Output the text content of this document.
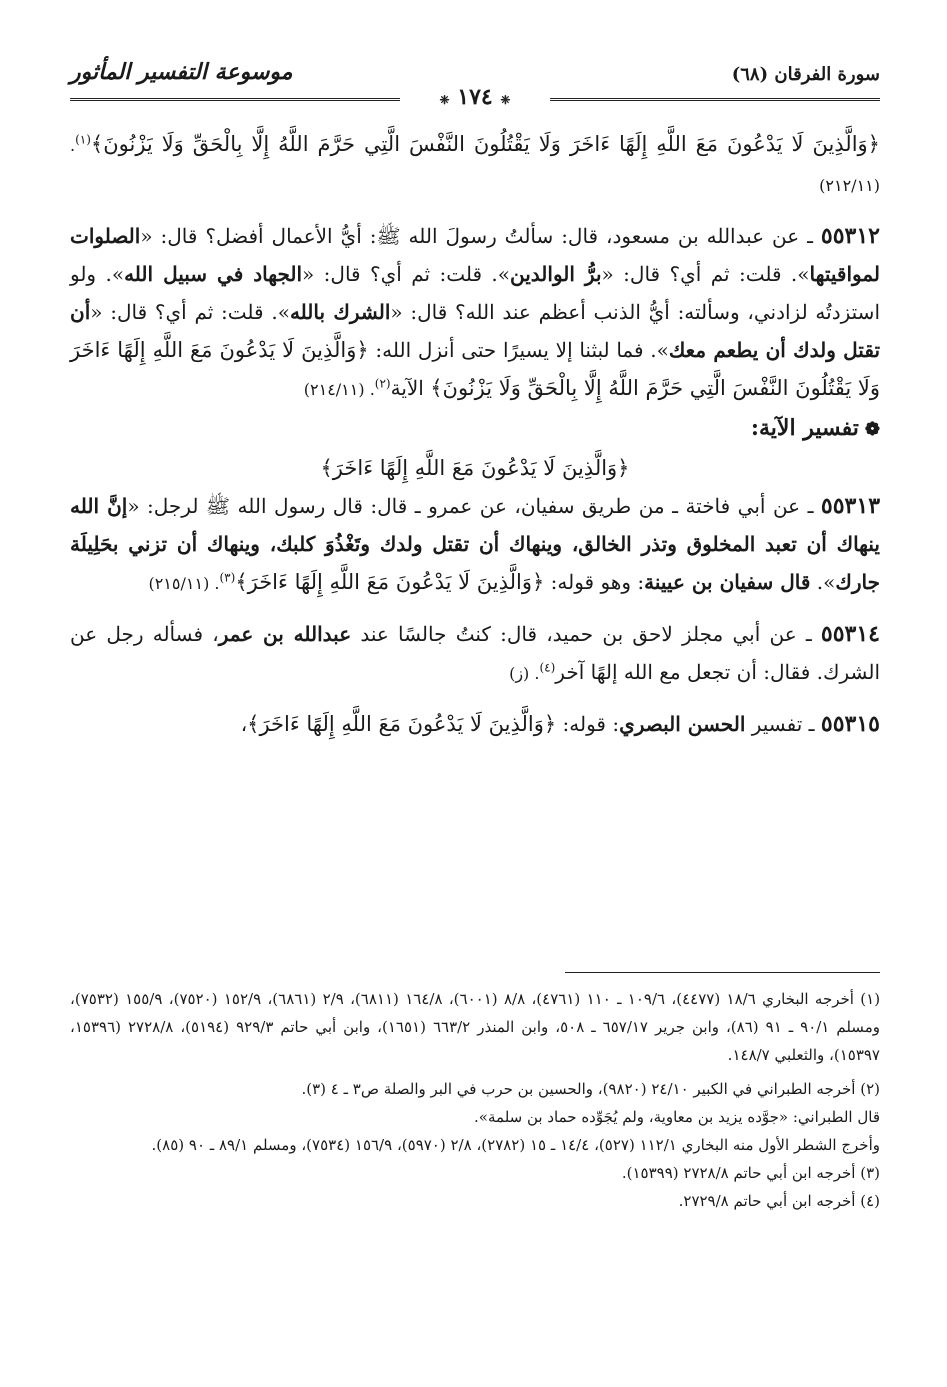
موسوعة التفسير المأثور	سورة الفرقان (٦٨)
❈ ١٧٤ ❈

﴿وَالَّذِينَ لَا يَدْعُونَ مَعَ اللَّهِ إِلَهًا ءَاخَرَ وَلَا يَقْتُلُونَ النَّفْسَ الَّتِي حَرَّمَ اللَّهُ إِلَّا بِالْحَقِّ وَلَا يَزْنُونَ﴾$^{(١)}$. (٢١٢/١١)

٥٥٣١٢ ـ عن عبدالله بن مسعود، قال: سألتُ رسولَ الله ﷺ: أيُّ الأعمال أفضل؟ قال: «الصلوات لمواقيتها». قلت: ثم أي؟ قال: «برُّ الوالدين». قلت: ثم أي؟ قال: «الجهاد في سبيل الله». ولو استزدتُه لزادني، وسألته: أيُّ الذنب أعظم عند الله؟ قال: «الشرك بالله». قلت: ثم أي؟ قال: «أن تقتل ولدك أن يطعم معك». فما لبثنا إلا يسيرًا حتى أنزل الله: ﴿وَالَّذِينَ لَا يَدْعُونَ مَعَ اللَّهِ إِلَهًا ءَاخَرَ وَلَا يَقْتُلُونَ النَّفْسَ الَّتِي حَرَّمَ اللَّهُ إِلَّا بِالْحَقِّ وَلَا يَزْنُونَ﴾ الآية$^{(٢)}$. (٢١٤/١١)

❁تفسير الآية:

﴿وَالَّذِينَ لَا يَدْعُونَ مَعَ اللَّهِ إِلَهًا ءَاخَرَ﴾

٥٥٣١٣ ـ عن أبي فاختة ـ من طريق سفيان، عن عمرو ـ قال: قال رسول الله ﷺ لرجل: «إنَّ الله ينهاك أن تعبد المخلوق وتذر الخالق، وينهاك أن تقتل ولدك وتَغْذُوَ كلبك، وينهاك أن تزني بحَلِيلَة جارك». قال سفيان بن عيينة: وهو قوله: ﴿وَالَّذِينَ لَا يَدْعُونَ مَعَ اللَّهِ إِلَهًا ءَاخَرَ﴾$^{(٣)}$. (٢١٥/١١)

٥٥٣١٤ ـ عن أبي مجلز لاحق بن حميد، قال: كنتُ جالسًا عند عبدالله بن عمر، فسأله رجل عن الشرك. فقال: أن تجعل مع الله إلهًا آخر$^{(٤)}$. (ز)

٥٥٣١٥ ـ تفسير الحسن البصري: قوله: ﴿وَالَّذِينَ لَا يَدْعُونَ مَعَ اللَّهِ إِلَهًا ءَاخَرَ﴾،

(١) أخرجه البخاري ١٨/٦ (٤٤٧٧)، ١٠٩/٦ ـ ١١٠ (٤٧٦١)، ٨/٨ (٦٠٠١)، ١٦٤/٨ (٦٨١١)، ٢/٩ (٦٨٦١)، ١٥٢/٩ (٧٥٢٠)، ١٥٥/٩ (٧٥٣٢)، ومسلم ٩٠/١ ـ ٩١ (٨٦)، وابن جرير ٦٥٧/١٧ ـ ٥٠٨، وابن المنذر ٦٦٣/٢ (١٦٥١)، وابن أبي حاتم ٩٢٩/٣ (٥١٩٤)، ٢٧٢٨/٨ (١٥٣٩٦، ١٥٣٩٧)، والثعلبي ١٤٨/٧.

(٢) أخرجه الطبراني في الكبير ٢٤/١٠ (٩٨٢٠)، والحسين بن حرب في البر والصلة ص٣ ـ ٤ (٣).

قال الطبراني: «جوَّده يزيد بن معاوية، ولم يُجَوِّده حماد بن سلمة».

وأخرج الشطر الأول منه البخاري ١١٢/١ (٥٢٧)، ١٤/٤ ـ ١٥ (٢٧٨٢)، ٢/٨ (٥٩٧٠)، ١٥٦/٩ (٧٥٣٤)، ومسلم ٨٩/١ ـ ٩٠ (٨٥).

(٣) أخرجه ابن أبي حاتم ٢٧٢٨/٨ (١٥٣٩٩).

(٤) أخرجه ابن أبي حاتم ٢٧٢٩/٨.
